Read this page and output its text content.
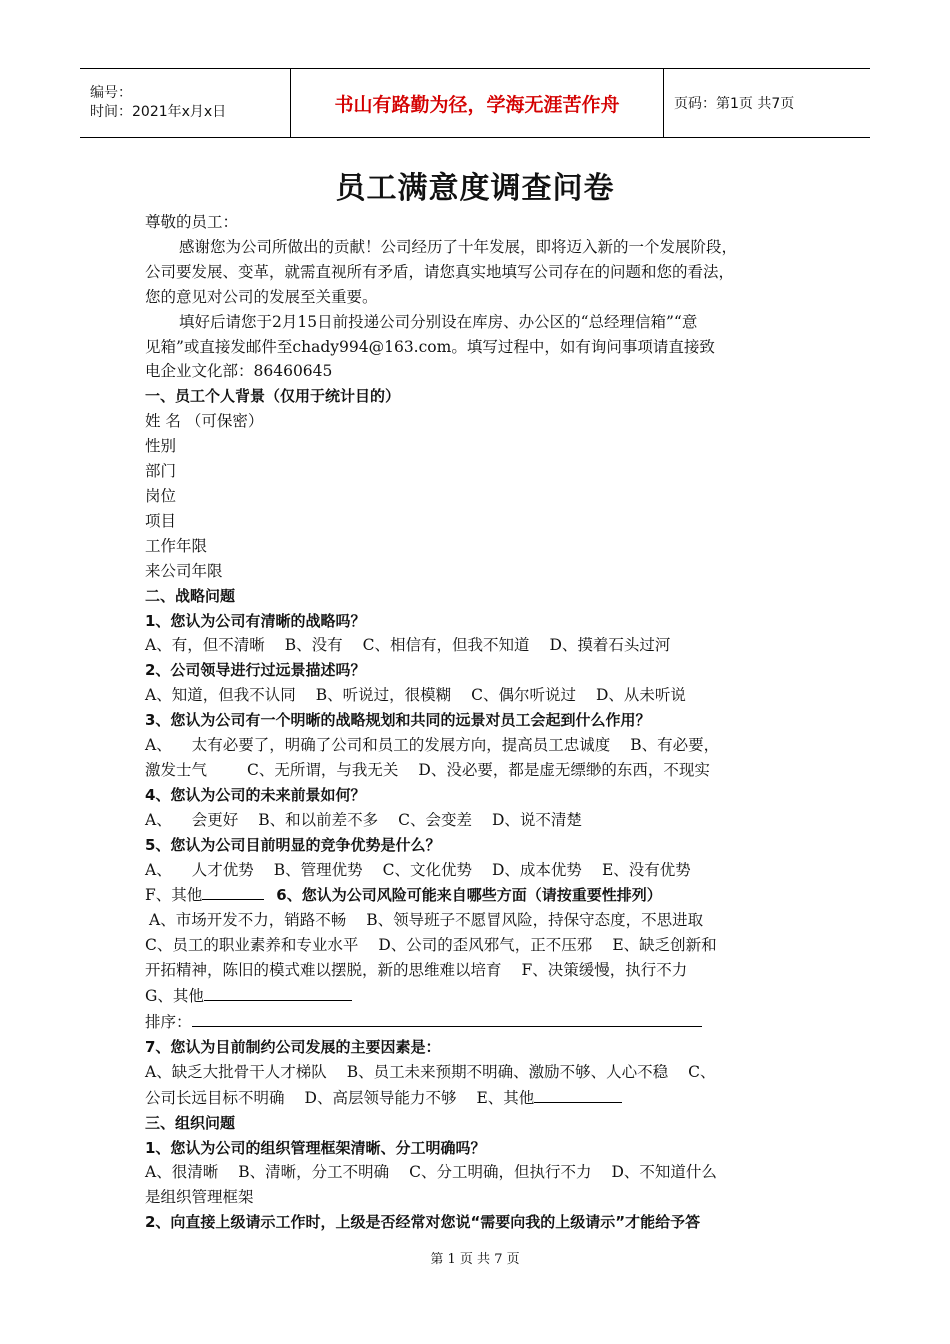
编号：
时间：2021年x月x日	书山有路勤为径，学海无涯苦作舟	页码：第1页 共7页
员工满意度调查问卷
尊敬的员工：
感谢您为公司所做出的贡献！公司经历了十年发展，即将迈入新的一个发展阶段，
公司要发展、变革，就需直视所有矛盾，请您真实地填写公司存在的问题和您的看法，
您的意见对公司的发展至关重要。
填好后请您于2月15日前投递公司分别设在库房、办公区的“总经理信箱”“意
见箱”或直接发邮件至chady994@163.com。填写过程中，如有询问事项请直接致
电企业文化部：86460645
一、员工个人背景（仅用于统计目的）
姓 名 （可保密）
性别
部门
岗位
项目
工作年限
来公司年限
二、战略问题
1、您认为公司有清晰的战略吗？
A、有，但不清晰 B、没有 C、相信有，但我不知道 D、摸着石头过河
2、公司领导进行过远景描述吗？
A、知道，但我不认同 B、听说过，很模糊 C、偶尔听说过 D、从未听说
3、您认为公司有一个明晰的战略规划和共同的远景对员工会起到什么作用？
A、 太有必要了，明确了公司和员工的发展方向，提高员工忠诚度 B、有必要，
激发士气	C、无所谓，与我无关 D、没必要，都是虚无缥缈的东西，不现实
4、您认为公司的未来前景如何？
A、 会更好 B、和以前差不多 C、会变差 D、说不清楚
5、您认为公司目前明显的竞争优势是什么？
A、 人才优势 B、管理优势 C、文化优势 D、成本优势 E、没有优势
F、其他	6、您认为公司风险可能来自哪些方面（请按重要性排列）
A、市场开发不力，销路不畅 B、领导班子不愿冒风险，持保守态度，不思进取
C、员工的职业素养和专业水平 D、公司的歪风邪气，正不压邪 E、缺乏创新和
开拓精神，陈旧的模式难以摆脱，新的思维难以培育 F、决策缓慢，执行不力
G、其他
排序：
7、您认为目前制约公司发展的主要因素是：
A、缺乏大批骨干人才梯队 B、员工未来预期不明确、激励不够、人心不稳 C、
公司长远目标不明确 D、高层领导能力不够 E、其他
三、组织问题
1、您认为公司的组织管理框架清晰、分工明确吗？
A、很清晰 B、清晰，分工不明确 C、分工明确，但执行不力 D、不知道什么
是组织管理框架
2、向直接上级请示工作时，上级是否经常对您说“需要向我的上级请示”才能给予答
第 1 页 共 7 页
